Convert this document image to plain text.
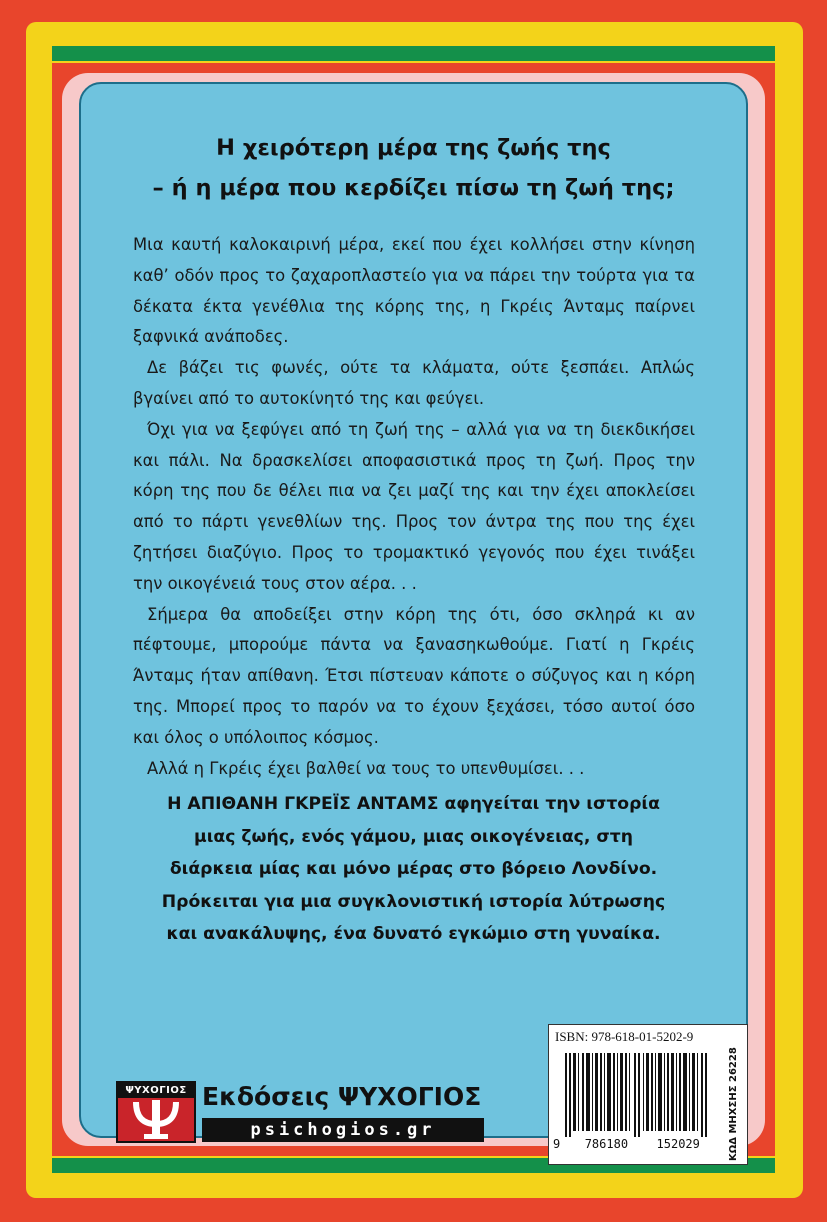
Η χειρότερη μέρα της ζωής της
– ή η μέρα που κερδίζει πίσω τη ζωή της;

Μια καυτή καλοκαιρινή μέρα, εκεί που έχει κολλήσει στην κίνηση καθ’ οδόν προς το ζαχαροπλαστείο για να πάρει την τούρτα για τα δέκατα έκτα γενέθλια της κόρης της, η Γκρέις Άνταμς παίρνει ξαφνικά ανάποδες.

Δε βάζει τις φωνές, ούτε τα κλάματα, ούτε ξεσπάει. Απλώς βγαίνει από το αυτοκίνητό της και φεύγει.

Όχι για να ξεφύγει από τη ζωή της – αλλά για να τη διεκδικήσει και πάλι. Να δρασκελίσει αποφασιστικά προς τη ζωή. Προς την κόρη της που δε θέλει πια να ζει μαζί της και την έχει αποκλείσει από το πάρτι γενεθλίων της. Προς τον άντρα της που της έχει ζητήσει διαζύγιο. Προς το τρομακτικό γεγονός που έχει τινάξει την οικογένειά τους στον αέρα. . .

Σήμερα θα αποδείξει στην κόρη της ότι, όσο σκληρά κι αν πέφτουμε, μπορούμε πάντα να ξανασηκωθούμε. Γιατί η Γκρέις Άνταμς ήταν απίθανη. Έτσι πίστευαν κάποτε ο σύζυγος και η κόρη της. Μπορεί προς το παρόν να το έχουν ξεχάσει, τόσο αυτοί όσο και όλος ο υπόλοιπος κόσμος.

Αλλά η Γκρέις έχει βαλθεί να τους το υπενθυμίσει. . .

Η ΑΠΙΘΑΝΗ ΓΚΡΕΪΣ ΑΝΤΑΜΣ αφηγείται την ιστορία
μιας ζωής, ενός γάμου, μιας οικογένειας, στη
διάρκεια μίας και μόνο μέρας στο βόρειο Λονδίνο.
Πρόκειται για μια συγκλονιστική ιστορία λύτρωσης
και ανακάλυψης, ένα δυνατό εγκώμιο στη γυναίκα.
ΨΥΧΟΓΙΟΣ Εκδόσεις ΨΥΧΟΓΙΟΣ
psichogios.gr
ISBN: 978-618-01-5202-9
9 786180 152029	ΚΩΔ ΜΗΧΣΗΣ 26228
